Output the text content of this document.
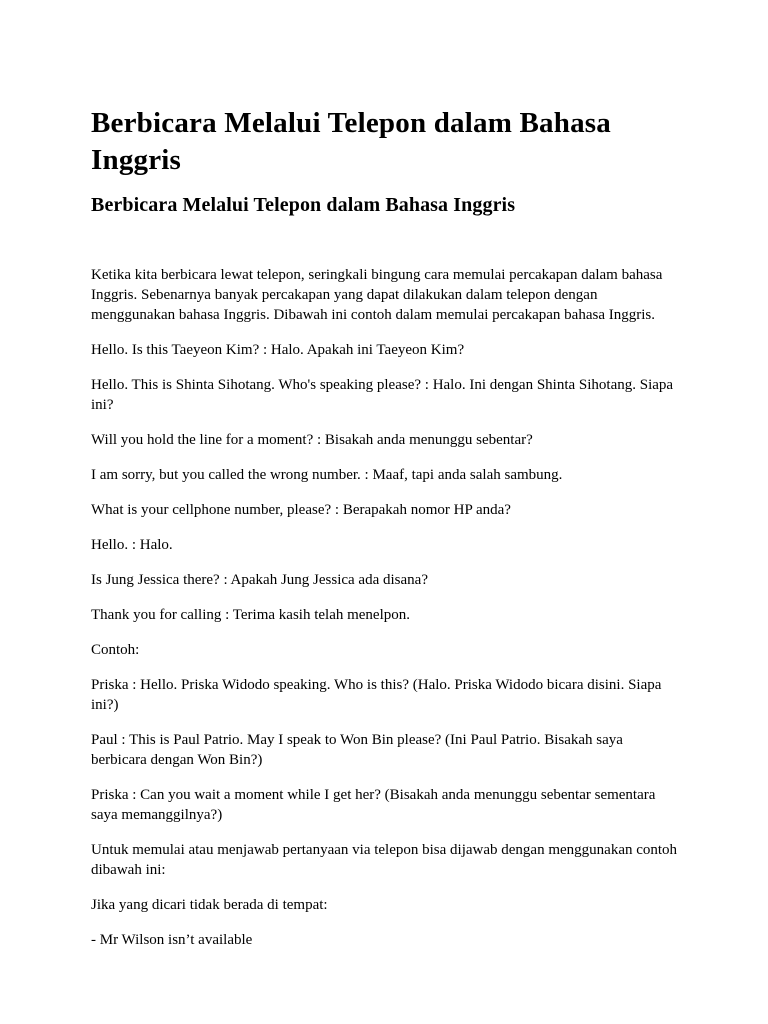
Berbicara Melalui Telepon dalam Bahasa Inggris
Berbicara Melalui Telepon dalam Bahasa Inggris

Ketika kita berbicara lewat telepon, seringkali bingung cara memulai percakapan dalam bahasa Inggris. Sebenarnya banyak percakapan yang dapat dilakukan dalam telepon dengan menggunakan bahasa Inggris. Dibawah ini contoh dalam memulai percakapan bahasa Inggris.

Hello. Is this Taeyeon Kim? : Halo. Apakah ini Taeyeon Kim?

Hello. This is Shinta Sihotang. Who's speaking please? : Halo. Ini dengan Shinta Sihotang. Siapa ini?

Will you hold the line for a moment? : Bisakah anda menunggu sebentar?

I am sorry, but you called the wrong number. : Maaf, tapi anda salah sambung.

What is your cellphone number, please? : Berapakah nomor HP anda?

Hello. : Halo.

Is Jung Jessica there? : Apakah Jung Jessica ada disana?

Thank you for calling : Terima kasih telah menelpon.

Contoh:

Priska : Hello. Priska Widodo speaking. Who is this? (Halo. Priska Widodo bicara disini. Siapa ini?)

Paul : This is Paul Patrio. May I speak to Won Bin please? (Ini Paul Patrio. Bisakah saya berbicara dengan Won Bin?)

Priska : Can you wait a moment while I get her? (Bisakah anda menunggu sebentar sementara saya memanggilnya?)

Untuk memulai atau menjawab pertanyaan via telepon bisa dijawab dengan menggunakan contoh dibawah ini:

Jika yang dicari tidak berada di tempat:

- Mr Wilson isn’t available
